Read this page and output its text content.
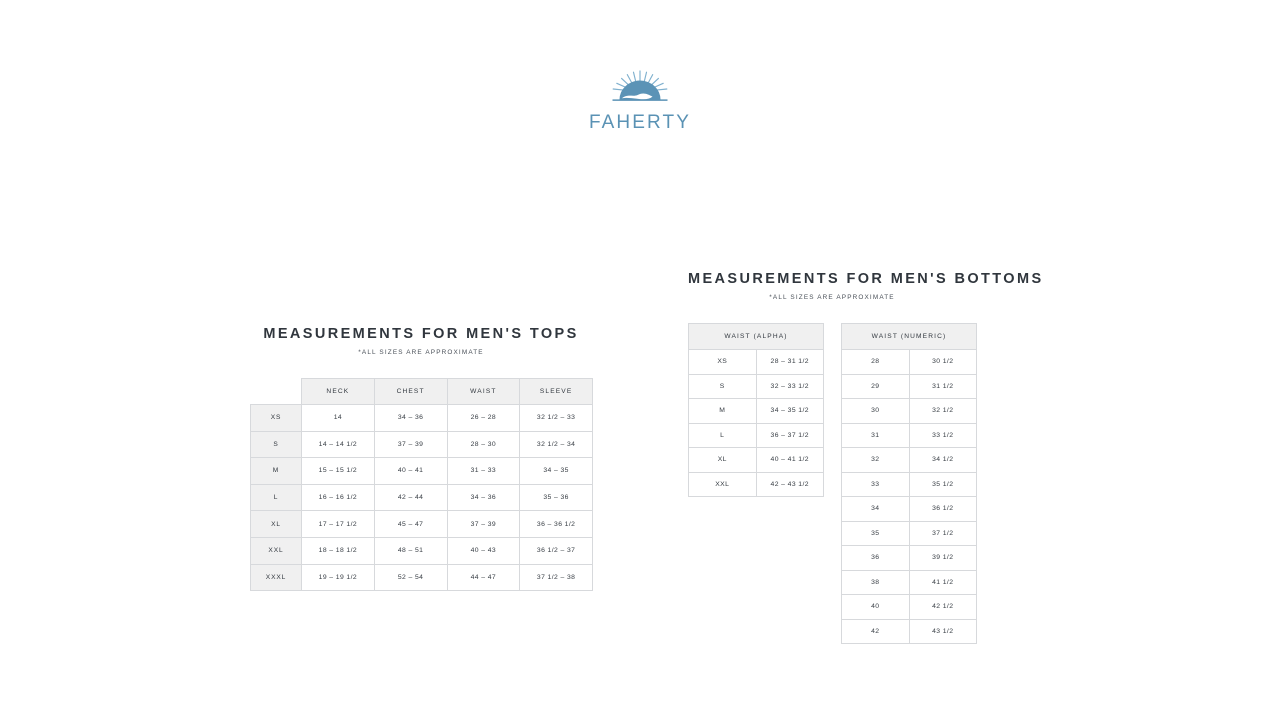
FAHERTY
MEASUREMENTS FOR MEN'S TOPS

*ALL SIZES ARE APPROXIMATE

	NECK	CHEST	WAIST	SLEEVE
XS	14	34 – 36	26 – 28	32 1/2 – 33
S	14 – 14 1/2	37 – 39	28 – 30	32 1/2 – 34
M	15 – 15 1/2	40 – 41	31 – 33	34 – 35
L	16 – 16 1/2	42 – 44	34 – 36	35 – 36
XL	17 – 17 1/2	45 – 47	37 – 39	36 – 36 1/2
XXL	18 – 18 1/2	48 – 51	40 – 43	36 1/2 – 37
XXXL	19 – 19 1/2	52 – 54	44 – 47	37 1/2 – 38
MEASUREMENTS FOR MEN'S BOTTOMS

*ALL SIZES ARE APPROXIMATE

WAIST (ALPHA)	
XS	28 – 31 1/2
S	32 – 33 1/2
M	34 – 35 1/2
L	36 – 37 1/2
XL	40 – 41 1/2
XXL	42 – 43 1/2
WAIST (NUMERIC)	
28	30 1/2
29	31 1/2
30	32 1/2
31	33 1/2
32	34 1/2
33	35 1/2
34	36 1/2
35	37 1/2
36	39 1/2
38	41 1/2
40	42 1/2
42	43 1/2
